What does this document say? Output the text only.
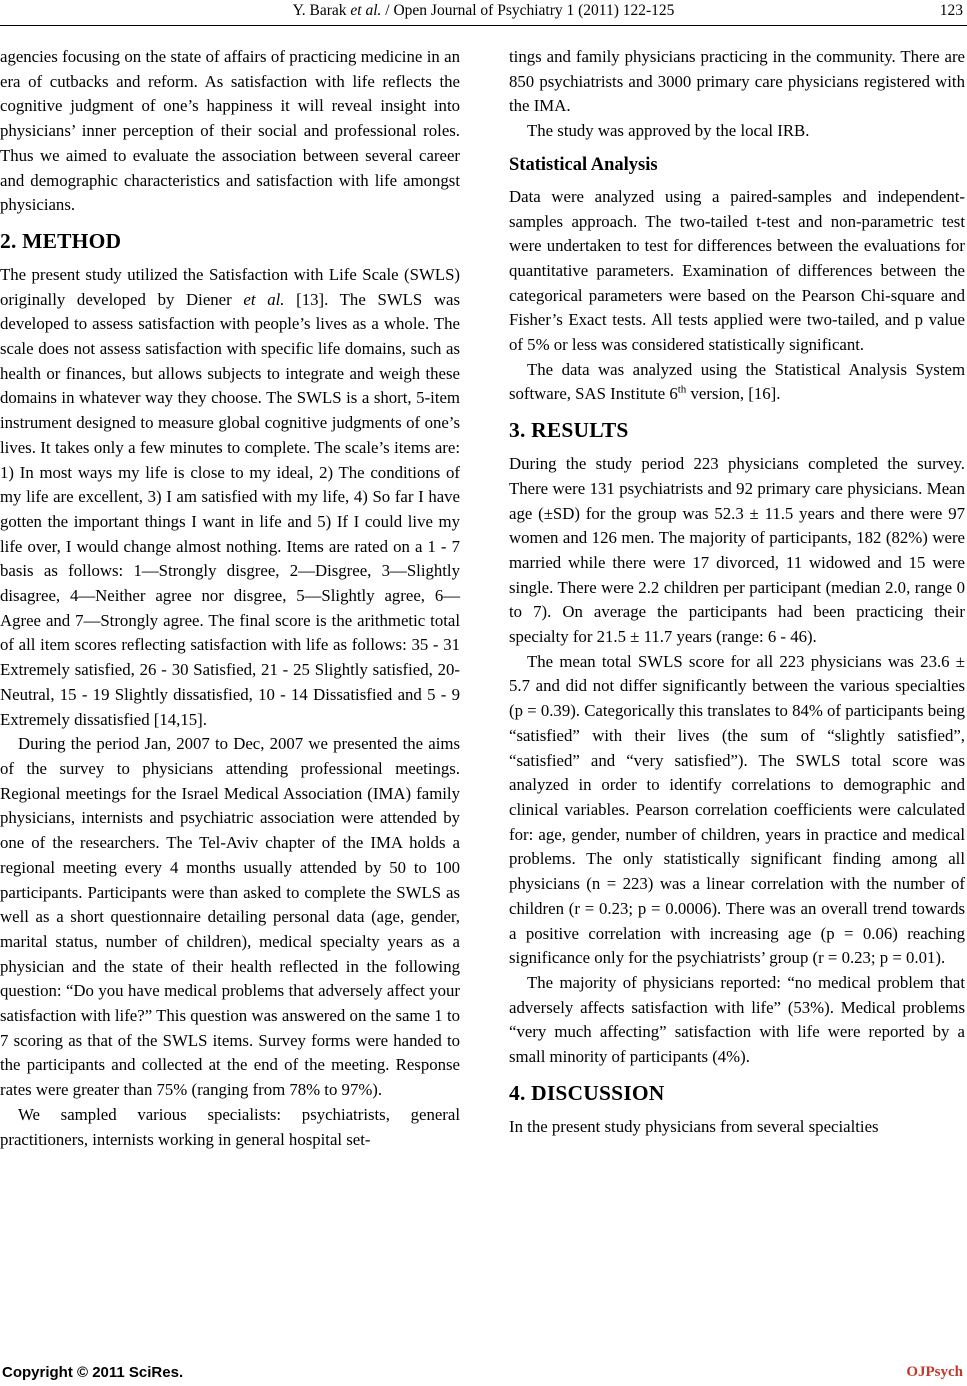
Y. Barak et al. / Open Journal of Psychiatry 1 (2011) 122-125	123

agencies focusing on the state of affairs of practicing medicine in an era of cutbacks and reform. As satisfaction with life reflects the cognitive judgment of one’s happiness it will reveal insight into physicians’ inner perception of their social and professional roles. Thus we aimed to evaluate the association between several career and demographic characteristics and satisfaction with life amongst physicians.

2. METHOD

The present study utilized the Satisfaction with Life Scale (SWLS) originally developed by Diener et al. [13]. The SWLS was developed to assess satisfaction with people’s lives as a whole. The scale does not assess satisfaction with specific life domains, such as health or finances, but allows subjects to integrate and weigh these domains in whatever way they choose. The SWLS is a short, 5-item instrument designed to measure global cognitive judgments of one’s lives. It takes only a few minutes to complete. The scale’s items are: 1) In most ways my life is close to my ideal, 2) The conditions of my life are excellent, 3) I am satisfied with my life, 4) So far I have gotten the important things I want in life and 5) If I could live my life over, I would change almost nothing. Items are rated on a 1 - 7 basis as follows: 1—Strongly disgree, 2—Disgree, 3—Slightly disagree, 4—Neither agree nor disgree, 5—Slightly agree, 6—Agree and 7—Strongly agree. The final score is the arithmetic total of all item scores reflecting satisfaction with life as follows: 35 - 31 Extremely satisfied, 26 - 30 Satisfied, 21 - 25 Slightly satisfied, 20-Neutral, 15 - 19 Slightly dissatisfied, 10 - 14 Dissatisfied and 5 - 9 Extremely dissatisfied [14,15].

During the period Jan, 2007 to Dec, 2007 we presented the aims of the survey to physicians attending professional meetings. Regional meetings for the Israel Medical Association (IMA) family physicians, internists and psychiatric association were attended by one of the researchers. The Tel-Aviv chapter of the IMA holds a regional meeting every 4 months usually attended by 50 to 100 participants. Participants were than asked to complete the SWLS as well as a short questionnaire detailing personal data (age, gender, marital status, number of children), medical specialty years as a physician and the state of their health reflected in the following question: “Do you have medical problems that adversely affect your satisfaction with life?” This question was answered on the same 1 to 7 scoring as that of the SWLS items. Survey forms were handed to the participants and collected at the end of the meeting. Response rates were greater than 75% (ranging from 78% to 97%).

We sampled various specialists: psychiatrists, general practitioners, internists working in general hospital set-

tings and family physicians practicing in the community. There are 850 psychiatrists and 3000 primary care physicians registered with the IMA.

The study was approved by the local IRB.

Statistical Analysis

Data were analyzed using a paired-samples and independent-samples approach. The two-tailed t-test and non-parametric test were undertaken to test for differences between the evaluations for quantitative parameters. Examination of differences between the categorical parameters were based on the Pearson Chi-square and Fisher’s Exact tests. All tests applied were two-tailed, and p value of 5% or less was considered statistically significant.

The data was analyzed using the Statistical Analysis System software, SAS Institute 6th version, [16].

3. RESULTS

During the study period 223 physicians completed the survey. There were 131 psychiatrists and 92 primary care physicians. Mean age (±SD) for the group was 52.3 ± 11.5 years and there were 97 women and 126 men. The majority of participants, 182 (82%) were married while there were 17 divorced, 11 widowed and 15 were single. There were 2.2 children per participant (median 2.0, range 0 to 7). On average the participants had been practicing their specialty for 21.5 ± 11.7 years (range: 6 - 46).

The mean total SWLS score for all 223 physicians was 23.6 ± 5.7 and did not differ significantly between the various specialties (p = 0.39). Categorically this translates to 84% of participants being “satisfied” with their lives (the sum of “slightly satisfied”, “satisfied” and “very satisfied”). The SWLS total score was analyzed in order to identify correlations to demographic and clinical variables. Pearson correlation coefficients were calculated for: age, gender, number of children, years in practice and medical problems. The only statistically significant finding among all physicians (n = 223) was a linear correlation with the number of children (r = 0.23; p = 0.0006). There was an overall trend towards a positive correlation with increasing age (p = 0.06) reaching significance only for the psychiatrists’ group (r = 0.23; p = 0.01).

The majority of physicians reported: “no medical problem that adversely affects satisfaction with life” (53%). Medical problems “very much affecting” satisfaction with life were reported by a small minority of participants (4%).

4. DISCUSSION

In the present study physicians from several specialties

Copyright © 2011 SciRes.	OJPsych
